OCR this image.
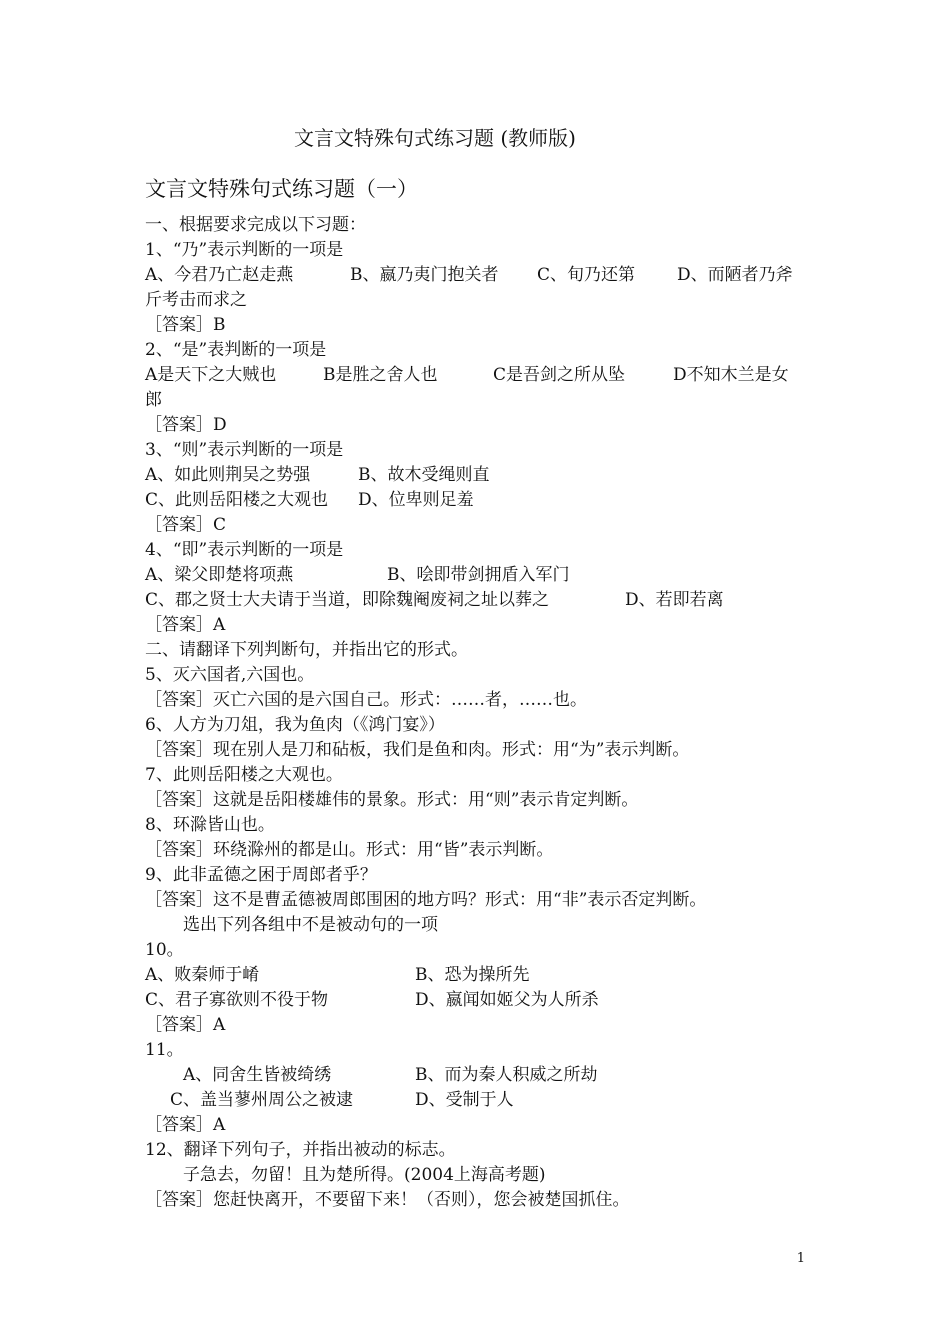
文言文特殊句式练习题 (教师版)
文言文特殊句式练习题（一）
一、根据要求完成以下习题：
1、“乃”表示判断的一项是
A、今君乃亡赵走燕	B、嬴乃夷门抱关者 C、旬乃还第 D、而陋者乃斧
斤考击而求之
［答案］B
2、“是”表判断的一项是
A是天下之大贼也	B是胜之舍人也	C是吾剑之所从坠	D不知木兰是女
郎
［答案］D
3、“则”表示判断的一项是
A、如此则荆吴之势强	B、故木受绳则直
C、此则岳阳楼之大观也 D、位卑则足羞
［答案］C
4、“即”表示判断的一项是
A、梁父即楚将项燕	B、哙即带剑拥盾入军门
C、郡之贤士大夫请于当道，即除魏阉废祠之址以葬之	D、若即若离
［答案］A
二、请翻译下列判断句，并指出它的形式。
5、灭六国者,六国也。
［答案］灭亡六国的是六国自己。形式：……者，……也。
6、人方为刀俎，我为鱼肉（《鸿门宴》）
［答案］现在别人是刀和砧板，我们是鱼和肉。形式：用“为”表示判断。
7、此则岳阳楼之大观也。
［答案］这就是岳阳楼雄伟的景象。形式：用“则”表示肯定判断。
8、环滁皆山也。
［答案］环绕滁州的都是山。形式：用“皆”表示判断。
9、此非孟德之困于周郎者乎？
［答案］这不是曹孟德被周郎围困的地方吗？形式：用“非”表示否定判断。
选出下列各组中不是被动句的一项
10。
A、败秦师于崤	B、恐为操所先
C、君子寡欲则不役于物	D、嬴闻如姬父为人所杀
［答案］A
11。
A、同舍生皆被绮绣	B、而为秦人积威之所劫
C、盖当蓼州周公之被逮	D、受制于人
［答案］A
12、翻译下列句子，并指出被动的标志。
子急去，勿留！且为楚所得。(2004上海高考题)
［答案］您赶快离开，不要留下来！（否则），您会被楚国抓住。
1
